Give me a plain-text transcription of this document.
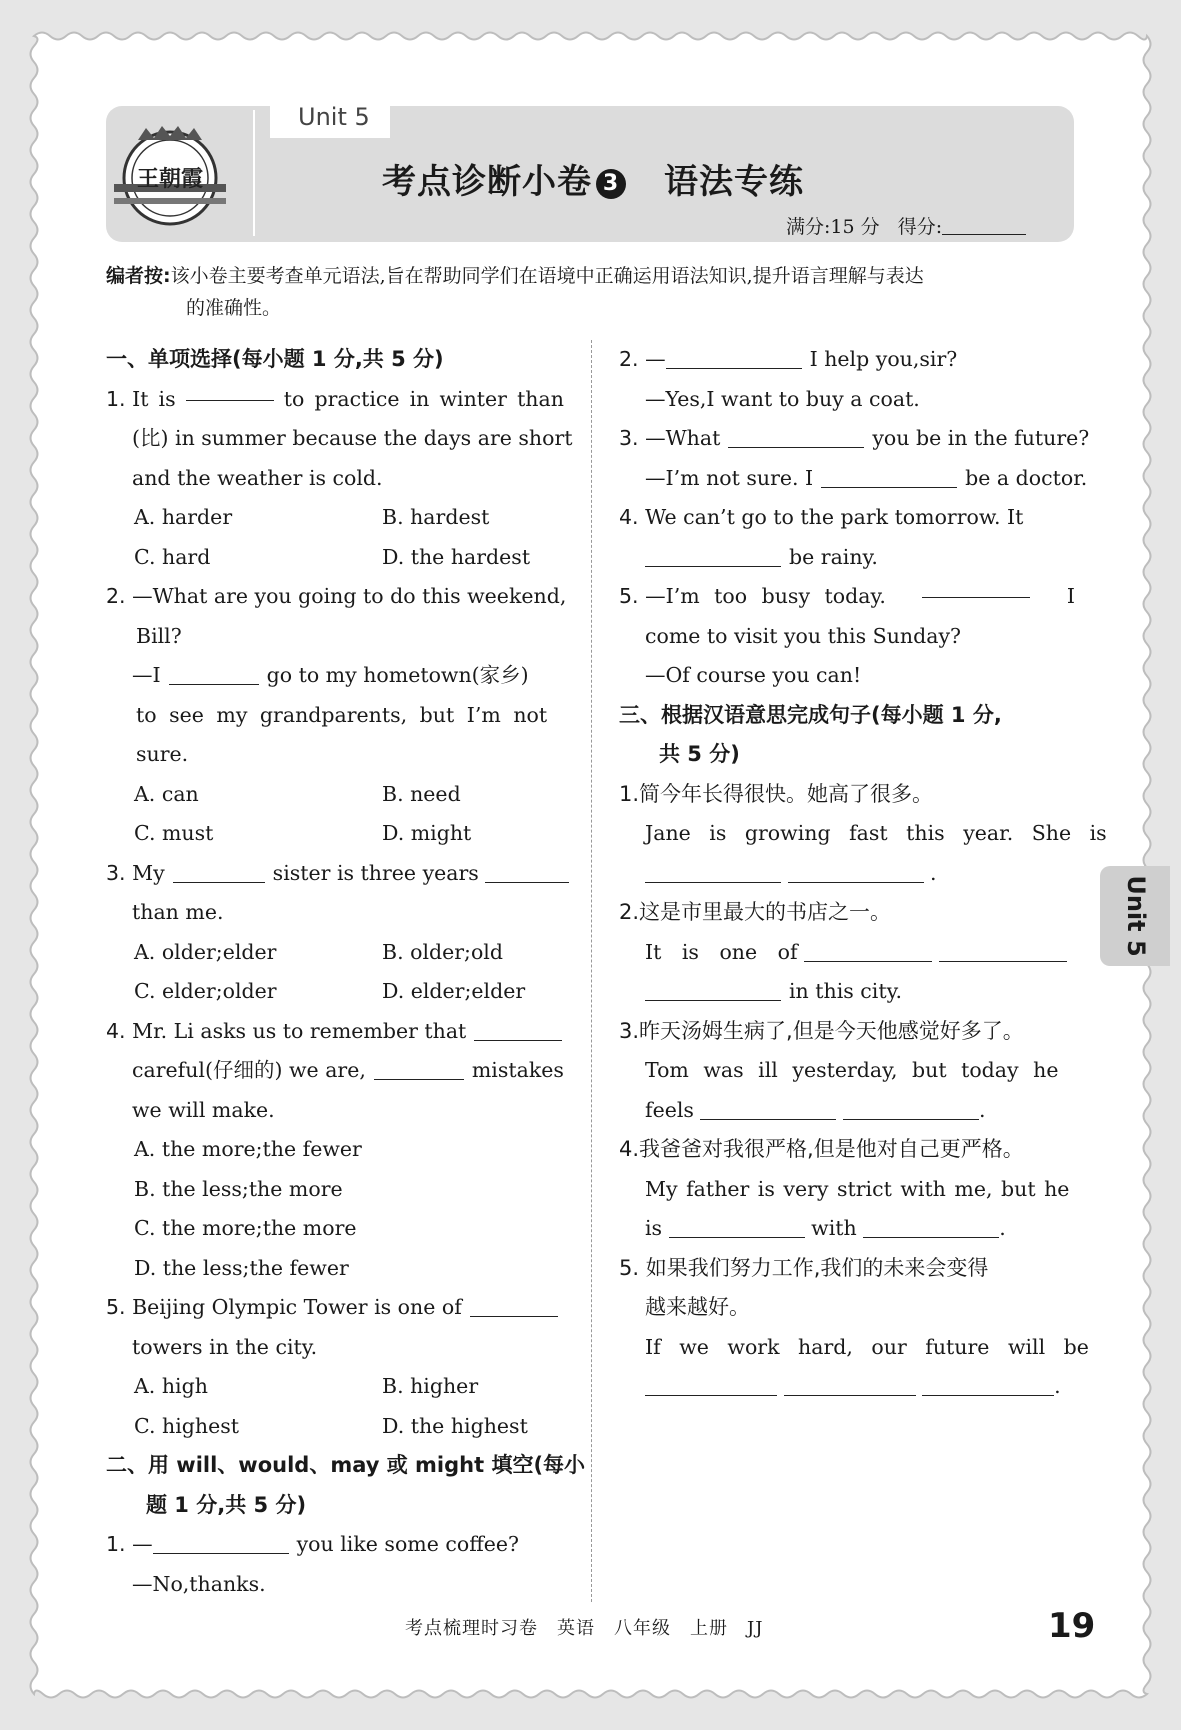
Unit 5
王朝霞	考点诊断小卷 3 语法专练
满分:15 分 得分:
编者按:该小卷主要考查单元语法,旨在帮助同学们在语境中正确运用语法知识,提升语言理解与表达
的准确性。
一、单项选择(每小题 1 分,共 5 分)
1. It is	to practice in winter than
(比) in summer because the days are short
and the weather is cold.
A. harder	B. hardest
C. hard	D. the hardest
2. —What are you going to do this weekend,
Bill?
—I	go to my hometown(家乡)
to see my grandparents, but I’m not
sure.
A. can	B. need
C. must	D. might
3. My	sister is three years
than me.
A. older;elder	B. older;old
C. elder;older	D. elder;elder
4. Mr. Li asks us to remember that
careful(仔细的) we are,	mistakes
we will make.
A. the more;the fewer
B. the less;the more
C. the more;the more
D. the less;the fewer
5. Beijing Olympic Tower is one of
towers in the city.
A. high	B. higher
C. highest	D. the highest
二、用 will、would、may 或 might 填空(每小
题 1 分,共 5 分)
1. —	you like some coffee?
—No,thanks.
2. —	I help you,sir?
—Yes,I want to buy a coat.
3. —What	you be in the future?
—I’m not sure. I	be a doctor.
4. We can’t go to the park tomorrow. It
be rainy.
5. —I’m too busy today.	I
come to visit you this Sunday?
—Of course you can!
三、根据汉语意思完成句子(每小题 1 分,
共 5 分)
1.简今年长得很快。她高了很多。
Jane is growing fast this year. She is
.
2.这是市里最大的书店之一。
It is one of
in this city.
3.昨天汤姆生病了,但是今天他感觉好多了。
Tom was ill yesterday, but today he
feels	.
4.我爸爸对我很严格,但是他对自己更严格。
My father is very strict with me, but he
is	with	.
5. 如果我们努力工作,我们的未来会变得
越来越好。
If we work hard, our future will be
.
Unit 5
考点梳理时习卷　英语　八年级　上册　JJ	19
